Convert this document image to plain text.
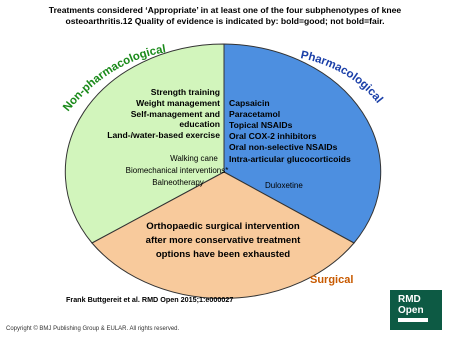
Treatments considered ‘Appropriate’ in at least one of the four subphenotypes of knee
osteoarthritis.12 Quality of evidence is indicated by: bold=good; not bold=fair.
Non-pharmacological	Pharmacological
Surgical
Strength training
Weight management
Self-management and
education
Land-/water-based exercise
Walking cane
Biomechanical interventions*
Balneotherapy
Capsaicin
Paracetamol
Topical NSAIDs
Oral COX-2 inhibitors
Oral non-selective NSAIDs
Intra-articular glucocorticoids
Duloxetine
Orthopaedic surgical intervention
after more conservative treatment
options have been exhausted
Frank Buttgereit et al. RMD Open 2015;1:e000027
Copyright © BMJ Publishing Group & EULAR. All rights reserved.
RMD
Open
